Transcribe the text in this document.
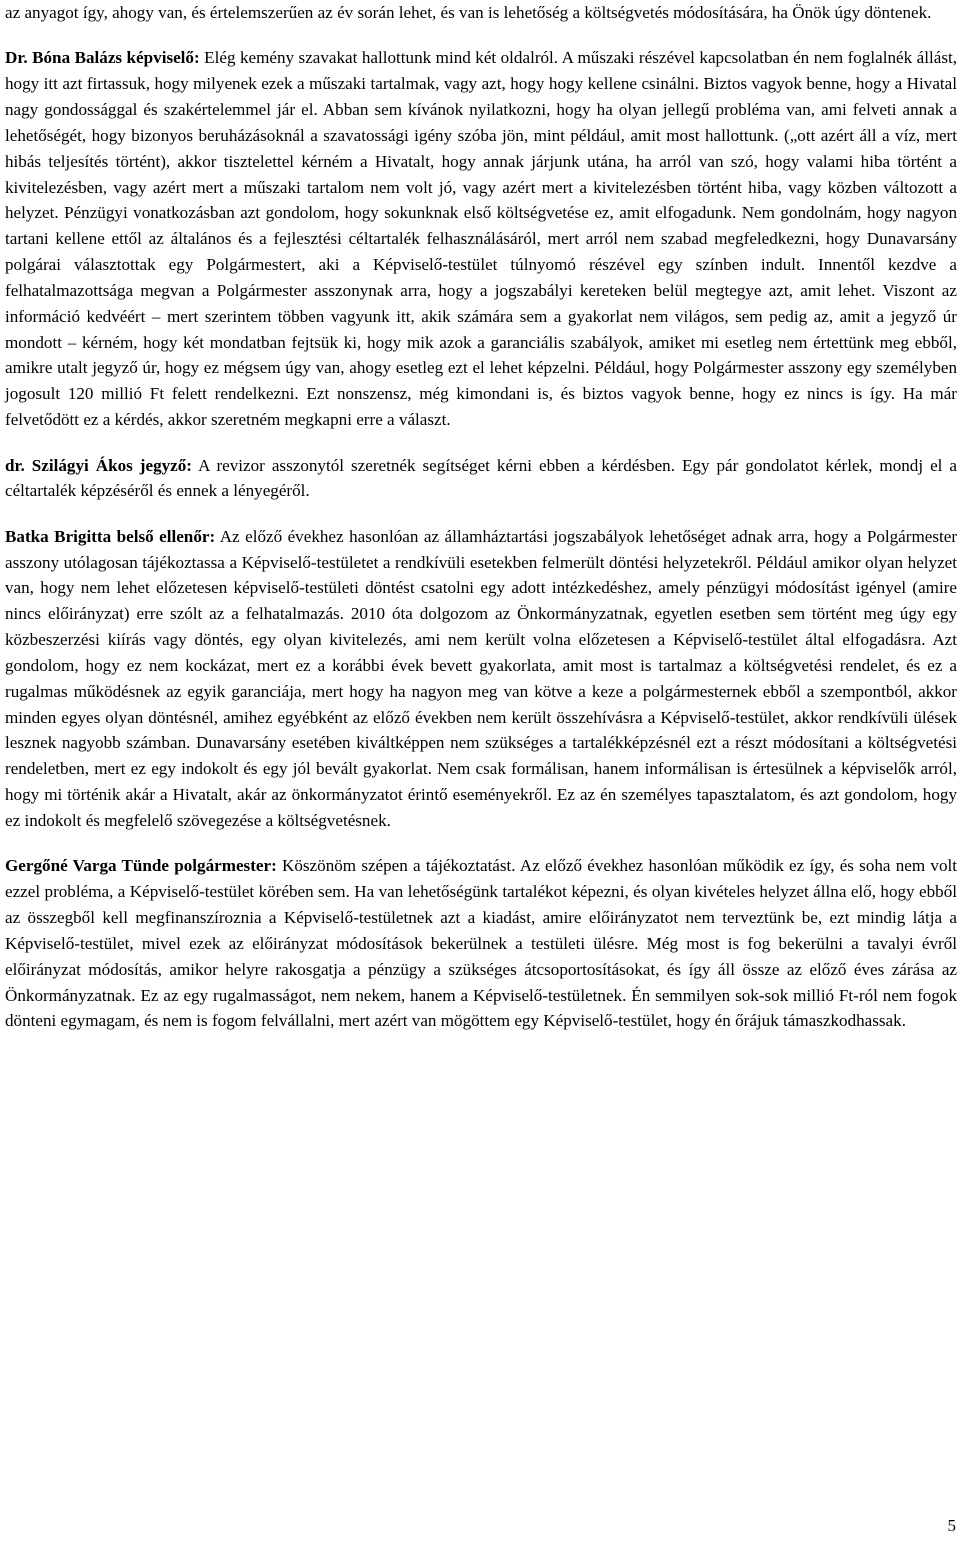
az anyagot így, ahogy van, és értelemszerűen az év során lehet, és van is lehetőség a költségvetés módosítására, ha Önök úgy döntenek.

Dr. Bóna Balázs képviselő: Elég kemény szavakat hallottunk mind két oldalról. A műszaki részével kapcsolatban én nem foglalnék állást, hogy itt azt firtassuk, hogy milyenek ezek a műszaki tartalmak, vagy azt, hogy hogy kellene csinálni. Biztos vagyok benne, hogy a Hivatal nagy gondossággal és szakértelemmel jár el. Abban sem kívánok nyilatkozni, hogy ha olyan jellegű probléma van, ami felveti annak a lehetőségét, hogy bizonyos beruházásoknál a szavatossági igény szóba jön, mint például, amit most hallottunk. („ott azért áll a víz, mert hibás teljesítés történt), akkor tisztelettel kérném a Hivatalt, hogy annak járjunk utána, ha arról van szó, hogy valami hiba történt a kivitelezésben, vagy azért mert a műszaki tartalom nem volt jó, vagy azért mert a kivitelezésben történt hiba, vagy közben változott a helyzet. Pénzügyi vonatkozásban azt gondolom, hogy sokunknak első költségvetése ez, amit elfogadunk. Nem gondolnám, hogy nagyon tartani kellene ettől az általános és a fejlesztési céltartalék felhasználásáról, mert arról nem szabad megfeledkezni, hogy Dunavarsány polgárai választottak egy Polgármestert, aki a Képviselő-testület túlnyomó részével egy színben indult. Innentől kezdve a felhatalmazottsága megvan a Polgármester asszonynak arra, hogy a jogszabályi kereteken belül megtegye azt, amit lehet. Viszont az információ kedvéért – mert szerintem többen vagyunk itt, akik számára sem a gyakorlat nem világos, sem pedig az, amit a jegyző úr mondott – kérném, hogy két mondatban fejtsük ki, hogy mik azok a garanciális szabályok, amiket mi esetleg nem értettünk meg ebből, amikre utalt jegyző úr, hogy ez mégsem úgy van, ahogy esetleg ezt el lehet képzelni. Például, hogy Polgármester asszony egy személyben jogosult 120 millió Ft felett rendelkezni. Ezt nonszensz, még kimondani is, és biztos vagyok benne, hogy ez nincs is így. Ha már felvetődött ez a kérdés, akkor szeretném megkapni erre a választ.

dr. Szilágyi Ákos jegyző: A revizor asszonytól szeretnék segítséget kérni ebben a kérdésben. Egy pár gondolatot kérlek, mondj el a céltartalék képzéséről és ennek a lényegéről.

Batka Brigitta belső ellenőr: Az előző évekhez hasonlóan az államháztartási jogszabályok lehetőséget adnak arra, hogy a Polgármester asszony utólagosan tájékoztassa a Képviselő-testületet a rendkívüli esetekben felmerült döntési helyzetekről. Például amikor olyan helyzet van, hogy nem lehet előzetesen képviselő-testületi döntést csatolni egy adott intézkedéshez, amely pénzügyi módosítást igényel (amire nincs előirányzat) erre szólt az a felhatalmazás. 2010 óta dolgozom az Önkormányzatnak, egyetlen esetben sem történt meg úgy egy közbeszerzési kiírás vagy döntés, egy olyan kivitelezés, ami nem került volna előzetesen a Képviselő-testület által elfogadásra. Azt gondolom, hogy ez nem kockázat, mert ez a korábbi évek bevett gyakorlata, amit most is tartalmaz a költségvetési rendelet, és ez a rugalmas működésnek az egyik garanciája, mert hogy ha nagyon meg van kötve a keze a polgármesternek ebből a szempontból, akkor minden egyes olyan döntésnél, amihez egyébként az előző években nem került összehívásra a Képviselő-testület, akkor rendkívüli ülések lesznek nagyobb számban. Dunavarsány esetében kiváltképpen nem szükséges a tartalékképzésnél ezt a részt módosítani a költségvetési rendeletben, mert ez egy indokolt és egy jól bevált gyakorlat. Nem csak formálisan, hanem informálisan is értesülnek a képviselők arról, hogy mi történik akár a Hivatalt, akár az önkormányzatot érintő eseményekről. Ez az én személyes tapasztalatom, és azt gondolom, hogy ez indokolt és megfelelő szövegezése a költségvetésnek.

Gergőné Varga Tünde polgármester: Köszönöm szépen a tájékoztatást. Az előző évekhez hasonlóan működik ez így, és soha nem volt ezzel probléma, a Képviselő-testület körében sem. Ha van lehetőségünk tartalékot képezni, és olyan kivételes helyzet állna elő, hogy ebből az összegből kell megfinanszíroznia a Képviselő-testületnek azt a kiadást, amire előirányzatot nem terveztünk be, ezt mindig látja a Képviselő-testület, mivel ezek az előirányzat módosítások bekerülnek a testületi ülésre. Még most is fog bekerülni a tavalyi évről előirányzat módosítás, amikor helyre rakosgatja a pénzügy a szükséges átcsoportosításokat, és így áll össze az előző éves zárása az Önkormányzatnak. Ez az egy rugalmasságot, nem nekem, hanem a Képviselő-testületnek. Én semmilyen sok-sok millió Ft-ról nem fogok dönteni egymagam, és nem is fogom felvállalni, mert azért van mögöttem egy Képviselő-testület, hogy én őrájuk támaszkodhassak.

5
